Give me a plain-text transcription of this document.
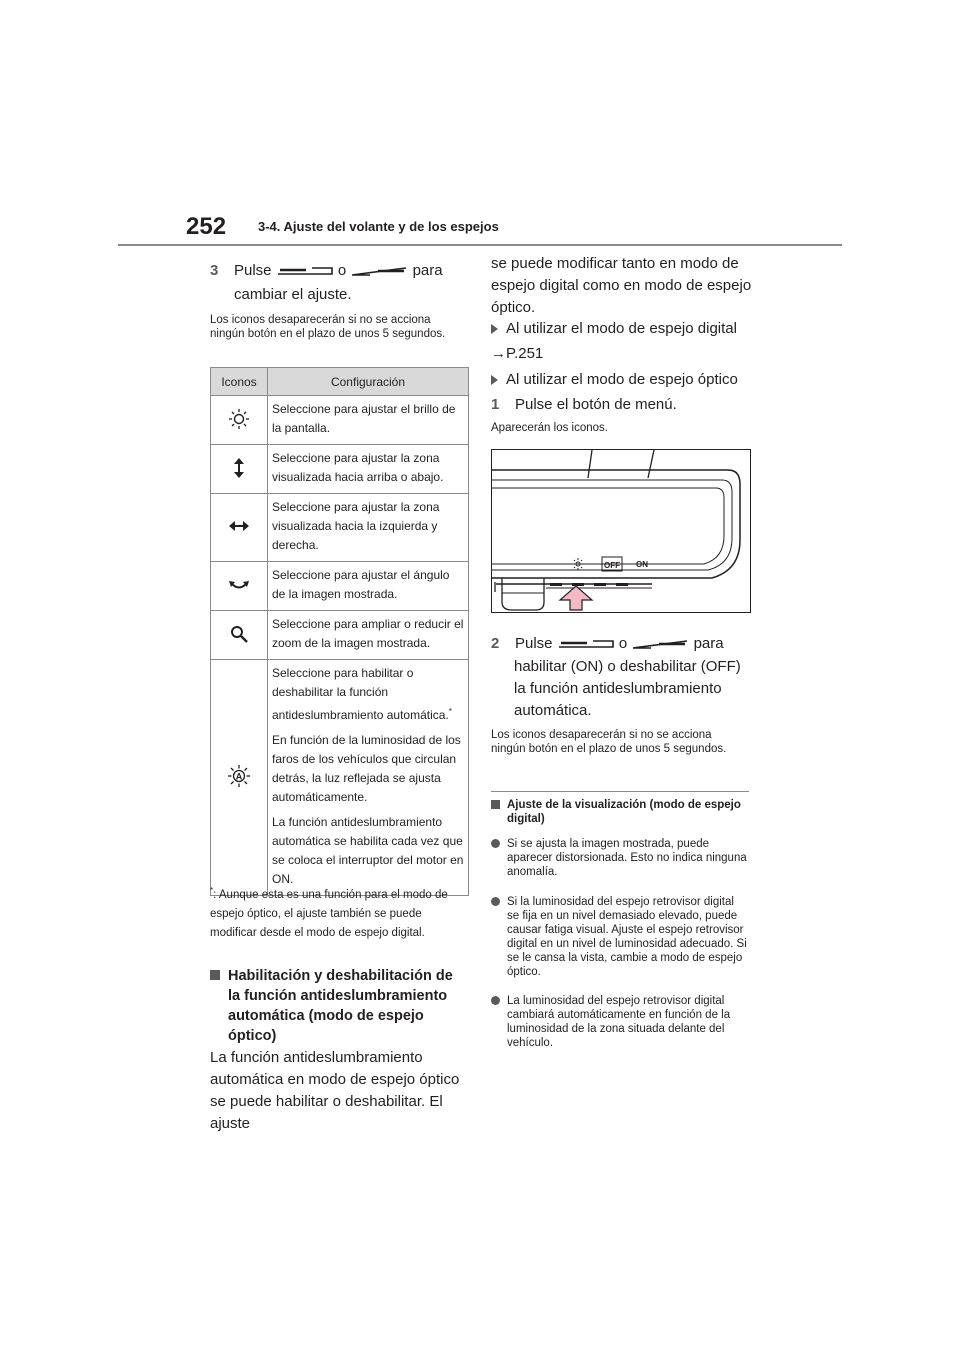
252 3-4. Ajuste del volante y de los espejos
3 Pulse	o	para
cambiar el ajuste.
Los iconos desaparecerán si no se acciona ningún botón en el plazo de unos 5 segundos.
Iconos	Configuración
	Seleccione para ajustar el brillo de la pantalla.
	Seleccione para ajustar la zona visualizada hacia arriba o abajo.
	Seleccione para ajustar la zona visualizada hacia la izquierda y derecha.
	Seleccione para ajustar el ángulo de la imagen mostrada.
	Seleccione para ampliar o reducir el zoom de la imagen mostrada.

A	Seleccione para habilitar o deshabilitar la función antideslumbramiento automática.*

En función de la luminosidad de los faros de los vehículos que circulan detrás, la luz reflejada se ajusta automáticamente.

La función antideslumbramiento automática se habilita cada vez que se coloca el interruptor del motor en ON.

*: Aunque esta es una función para el modo de espejo óptico, el ajuste también se puede modificar desde el modo de espejo digital.
Habilitación y deshabilitación de la función antideslumbramiento automática (modo de espejo óptico)
La función antideslumbramiento automática en modo de espejo óptico se puede habilitar o deshabilitar. El ajuste
se puede modificar tanto en modo de espejo digital como en modo de espejo óptico.
Al utilizar el modo de espejo digital
→P.251
Al utilizar el modo de espejo óptico
1 Pulse el botón de menú.
Aparecerán los iconos.
OFF ON
2 Pulse	o	para
habilitar (ON) o deshabilitar (OFF)
la función antideslumbramiento
automática.
Los iconos desaparecerán si no se acciona ningún botón en el plazo de unos 5 segundos.
Ajuste de la visualización (modo de espejo digital)
Si se ajusta la imagen mostrada, puede aparecer distorsionada. Esto no indica ninguna anomalía.
Si la luminosidad del espejo retrovisor digital se fija en un nivel demasiado elevado, puede causar fatiga visual. Ajuste el espejo retrovisor digital en un nivel de luminosidad adecuado. Si se le cansa la vista, cambie a modo de espejo óptico.
La luminosidad del espejo retrovisor digital cambiará automáticamente en función de la luminosidad de la zona situada delante del vehículo.
